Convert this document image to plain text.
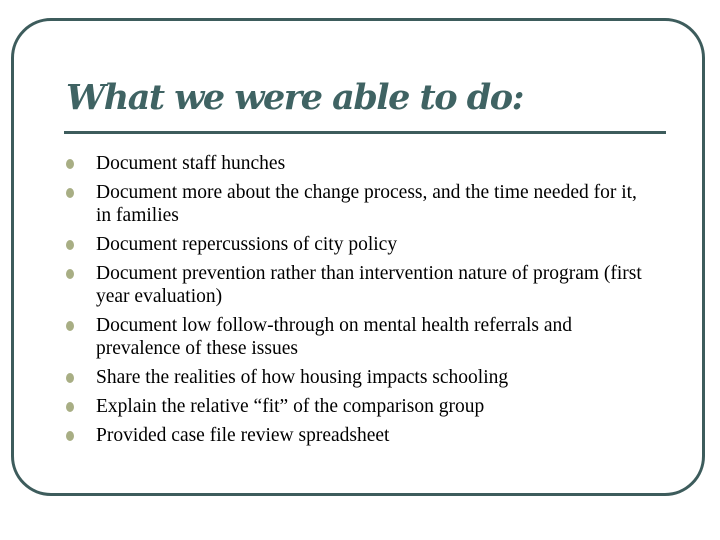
What we were able to do:
Document staff hunches
Document more about the change process, and the time needed for it, in families
Document repercussions of city policy
Document prevention rather than intervention nature of program (first year evaluation)
Document low follow-through on mental health referrals and prevalence of these issues
Share the realities of how housing impacts schooling
Explain the relative “fit” of the comparison group
Provided case file review spreadsheet
